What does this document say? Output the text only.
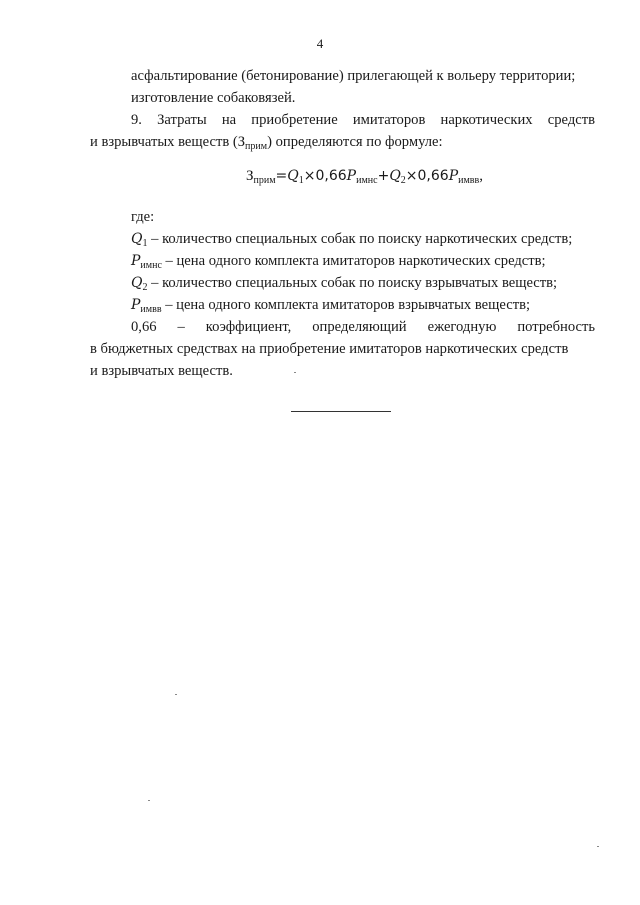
4
асфальтирование (бетонирование) прилегающей к вольеру территории;
изготовление собаковязей.
9. Затраты на приобретение имитаторов наркотических средств
и взрывчатых веществ $(З_{прим})$ определяются по формуле:
$З_{прим}=Q_1\times 0,66P_{имнс}+Q_2\times 0,66P_{имвв}$,
где:
$Q_1$ – количество специальных собак по поиску наркотических средств;
$P_{имнс}$ – цена одного комплекта имитаторов наркотических средств;
$Q_2$ – количество специальных собак по поиску взрывчатых веществ;
$P_{имвв}$ – цена одного комплекта имитаторов взрывчатых веществ;
0,66 – коэффициент, определяющий ежегодную потребность
в бюджетных средствах на приобретение имитаторов наркотических средств
и взрывчатых веществ.
